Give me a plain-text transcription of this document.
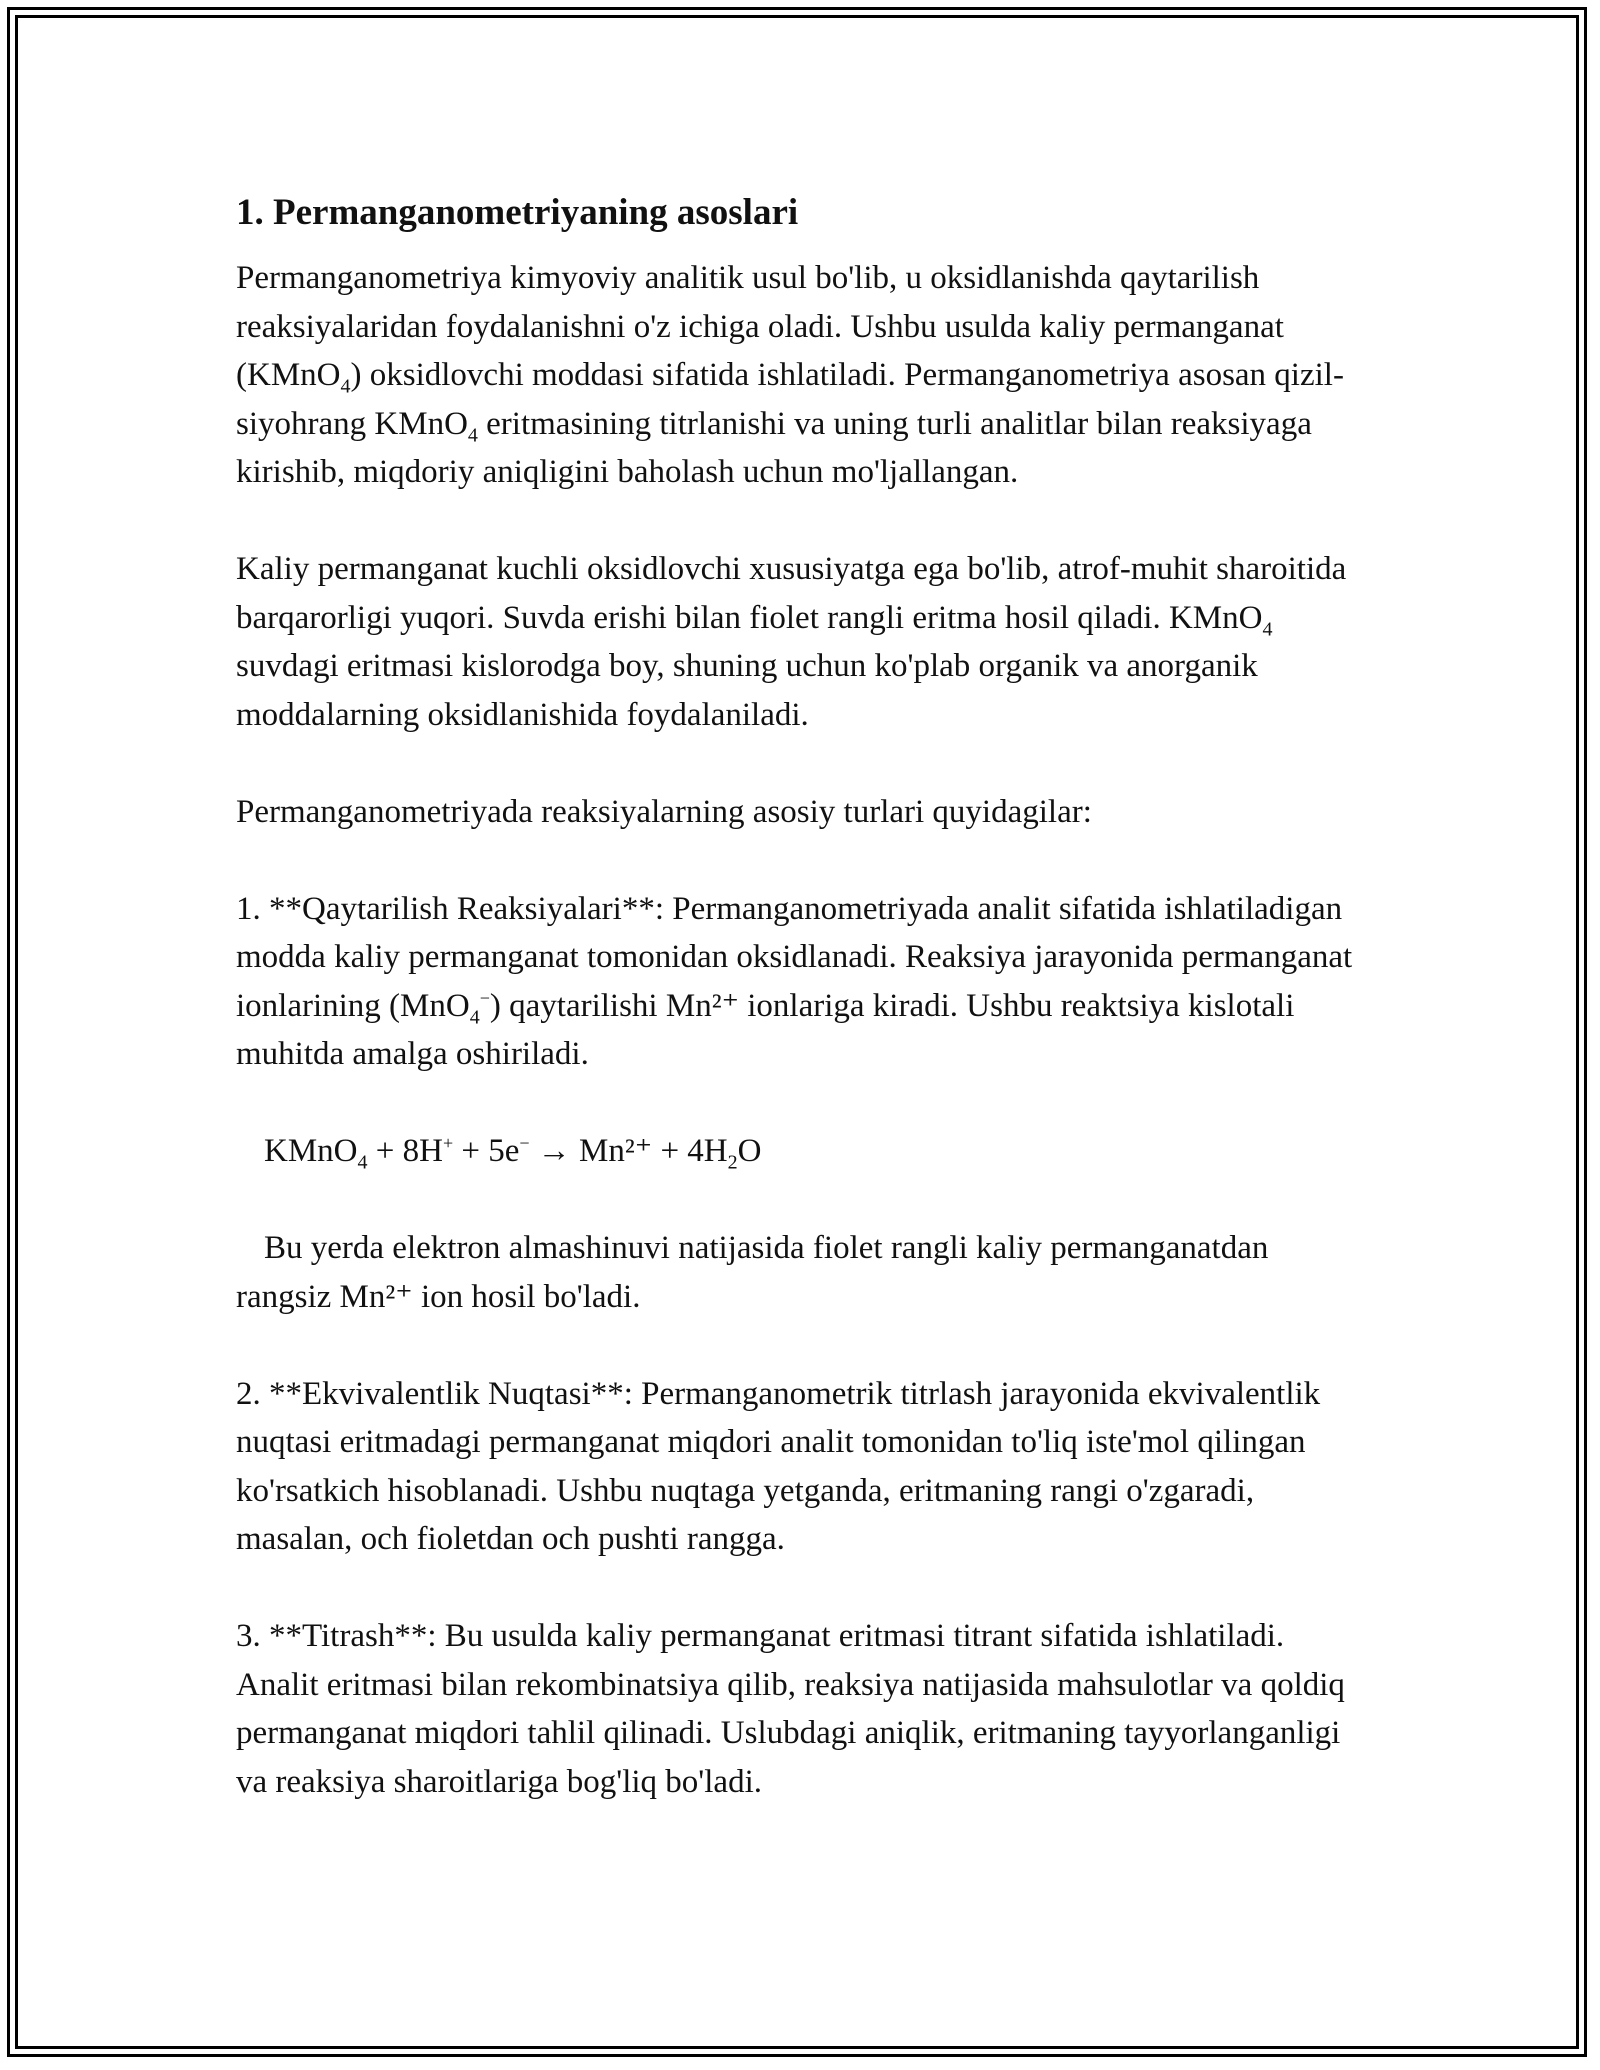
1. Permanganometriyaning asoslari

Permanganometriya kimyoviy analitik usul bo'lib, u oksidlanishda qaytarilish reaksiyalaridan foydalanishni o'z ichiga oladi. Ushbu usulda kaliy permanganat (KMnO$_4$) oksidlovchi moddasi sifatida ishlatiladi. Permanganometriya asosan qizil-siyohrang KMnO$_4$ eritmasining titrlanishi va uning turli analitlar bilan reaksiyaga kirishib, miqdoriy aniqligini baholash uchun mo'ljallangan.

Kaliy permanganat kuchli oksidlovchi xususiyatga ega bo'lib, atrof-muhit sharoitida barqarorligi yuqori. Suvda erishi bilan fiolet rangli eritma hosil qiladi. KMnO$_4$ suvdagi eritmasi kislorodga boy, shuning uchun ko'plab organik va anorganik moddalarning oksidlanishida foydalaniladi.

Permanganometriyada reaksiyalarning asosiy turlari quyidagilar:

1. **Qaytarilish Reaksiyalari**: Permanganometriyada analit sifatida ishlatiladigan modda kaliy permanganat tomonidan oksidlanadi. Reaksiya jarayonida permanganat ionlarining (MnO$_4$−) qaytarilishi Mn²⁺ ionlariga kiradi. Ushbu reaktsiya kislotali muhitda amalga oshiriladi.

KMnO$_4$ + $8H^+ + 5e^- \to Mn^{2+} + 4H_2O$

Bu yerda elektron almashinuvi natijasida fiolet rangli kaliy permanganatdan rangsiz Mn²⁺ ion hosil bo'ladi.

2. **Ekvivalentlik Nuqtasi**: Permanganometrik titrlash jarayonida ekvivalentlik nuqtasi eritmadagi permanganat miqdori analit tomonidan to'liq iste'mol qilingan ko'rsatkich hisoblanadi. Ushbu nuqtaga yetganda, eritmaning rangi o'zgaradi, masalan, och fioletdan och pushti rangga.

3. **Titrash**: Bu usulda kaliy permanganat eritmasi titrant sifatida ishlatiladi. Analit eritmasi bilan rekombinatsiya qilib, reaksiya natijasida mahsulotlar va qoldiq permanganat miqdori tahlil qilinadi. Uslubdagi aniqlik, eritmaning tayyorlanganligi va reaksiya sharoitlariga bog'liq bo'ladi.
